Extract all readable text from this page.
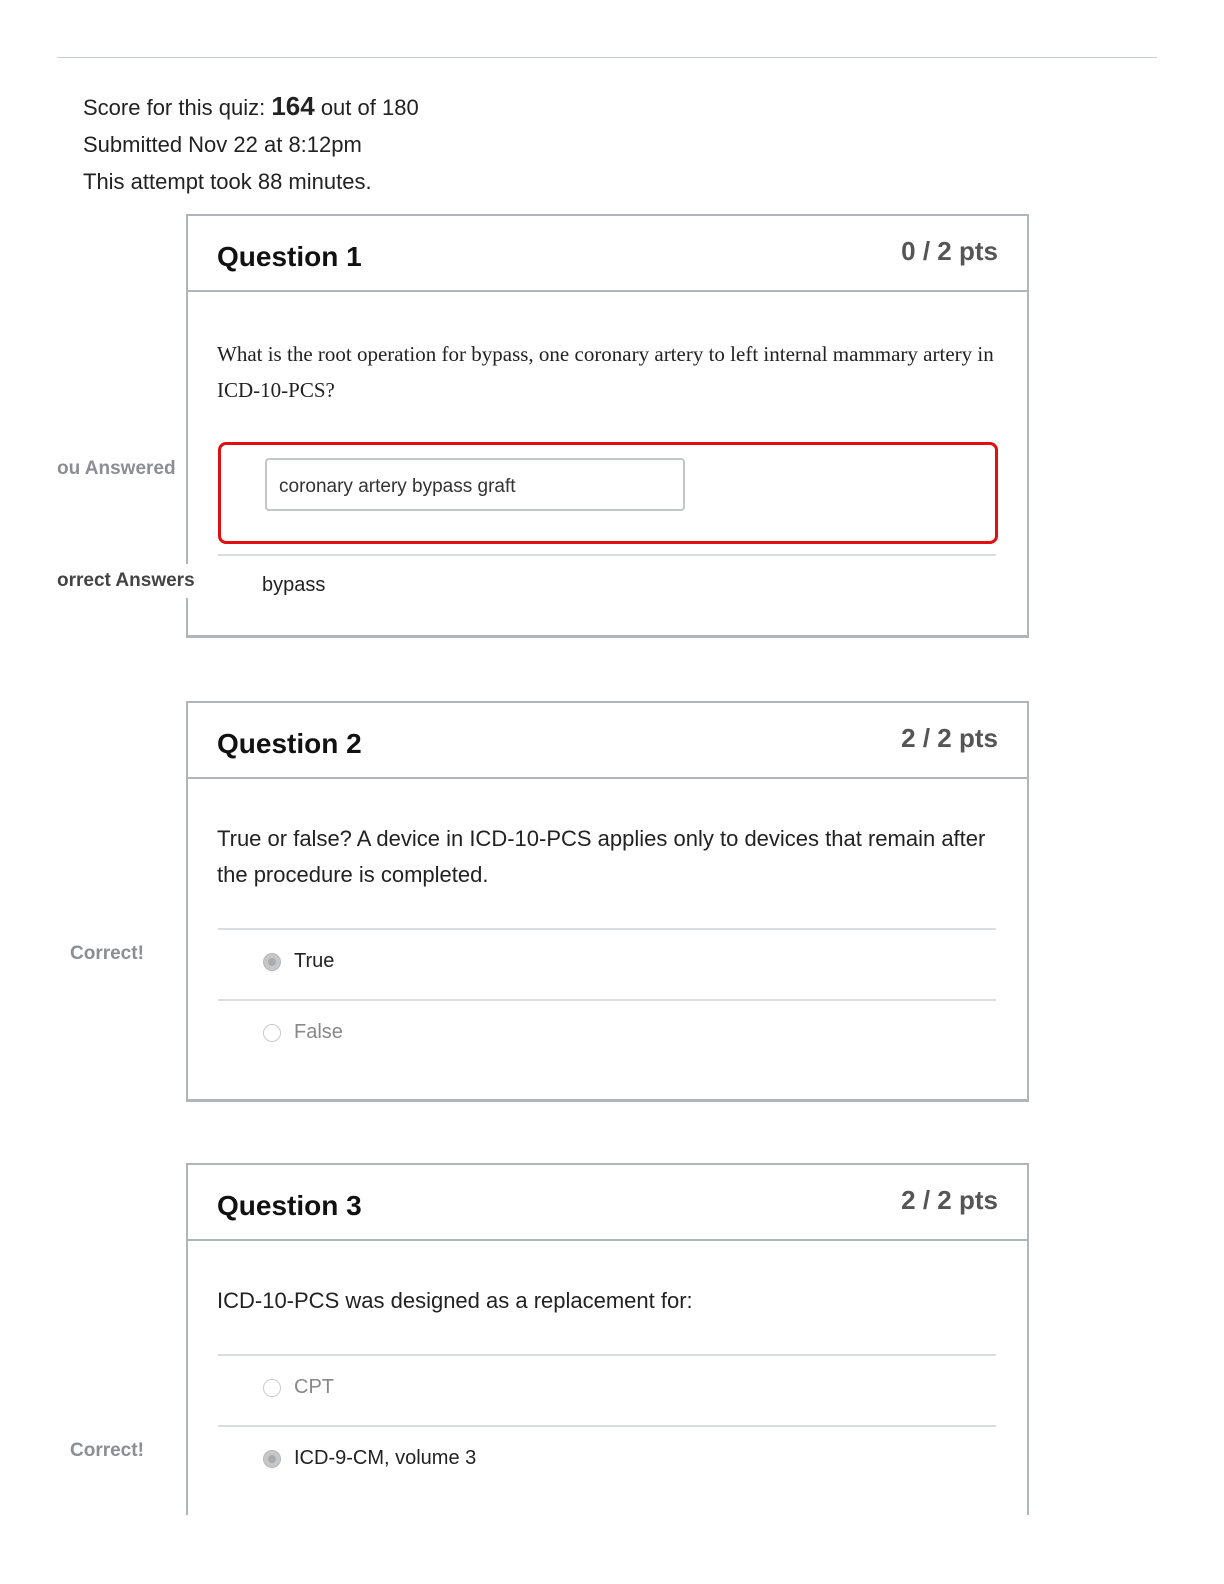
Score for this quiz: 164 out of 180
Submitted Nov 22 at 8:12pm
This attempt took 88 minutes.
Question 1	0 / 2 pts
What is the root operation for bypass, one coronary artery to left internal mammary artery in ICD-10-PCS?
coronary artery bypass graft
bypass
ou Answered
orrect Answers
Question 2	2 / 2 pts
True or false? A device in ICD-10-PCS applies only to devices that remain after the procedure is completed.
True
False
Correct!
Question 3	2 / 2 pts
ICD-10-PCS was designed as a replacement for:
CPT
ICD-9-CM, volume 3
Correct!
